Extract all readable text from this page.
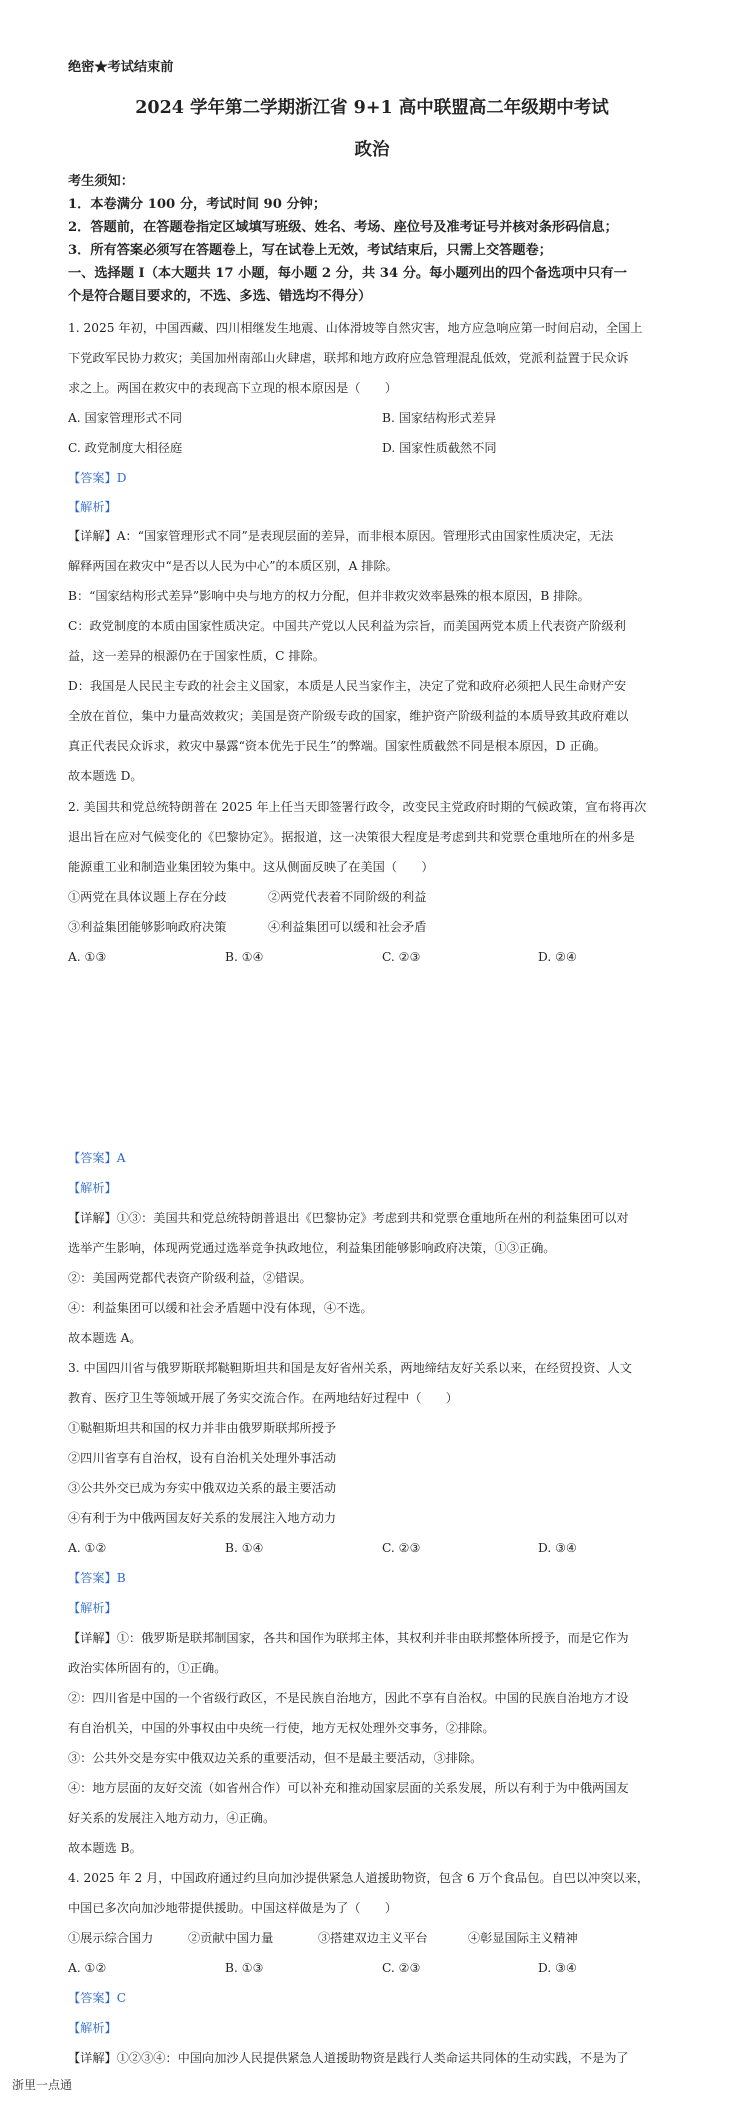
绝密★考试结束前
2024 学年第二学期浙江省 9+1 高中联盟高二年级期中考试
政治
考生须知：
1．本卷满分 100 分，考试时间 90 分钟；
2．答题前，在答题卷指定区域填写班级、姓名、考场、座位号及准考证号并核对条形码信息；
3．所有答案必须写在答题卷上，写在试卷上无效，考试结束后，只需上交答题卷；
一、选择题 I（本大题共 17 小题，每小题 2 分，共 34 分。每小题列出的四个备选项中只有一
个是符合题目要求的，不选、多选、错选均不得分）
1. 2025 年初，中国西藏、四川相继发生地震、山体滑坡等自然灾害，地方应急响应第一时间启动，全国上
下党政军民协力救灾；美国加州南部山火肆虐，联邦和地方政府应急管理混乱低效，党派利益置于民众诉
求之上。两国在救灾中的表现高下立现的根本原因是（　　）
A. 国家管理形式不同	B. 国家结构形式差异
C. 政党制度大相径庭	D. 国家性质截然不同
【答案】D
【解析】
【详解】A：“国家管理形式不同”是表现层面的差异，而非根本原因。管理形式由国家性质决定，无法
解释两国在救灾中“是否以人民为中心”的本质区别，A 排除。
B：“国家结构形式差异”影响中央与地方的权力分配，但并非救灾效率悬殊的根本原因，B 排除。
C：政党制度的本质由国家性质决定。中国共产党以人民利益为宗旨，而美国两党本质上代表资产阶级利
益，这一差异的根源仍在于国家性质，C 排除。
D：我国是人民民主专政的社会主义国家，本质是人民当家作主，决定了党和政府必须把人民生命财产安
全放在首位，集中力量高效救灾；美国是资产阶级专政的国家，维护资产阶级利益的本质导致其政府难以
真正代表民众诉求，救灾中暴露“资本优先于民生”的弊端。国家性质截然不同是根本原因，D 正确。
故本题选 D。
2. 美国共和党总统特朗普在 2025 年上任当天即签署行政令，改变民主党政府时期的气候政策，宣布将再次
退出旨在应对气候变化的《巴黎协定》。据报道，这一决策很大程度是考虑到共和党票仓重地所在的州多是
能源重工业和制造业集团较为集中。这从侧面反映了在美国（　　）
①两党在具体议题上存在分歧	②两党代表着不同阶级的利益
③利益集团能够影响政府决策	④利益集团可以缓和社会矛盾
A. ①③	B. ①④	C. ②③	D. ②④
【答案】A
【解析】
【详解】①③：美国共和党总统特朗普退出《巴黎协定》考虑到共和党票仓重地所在州的利益集团可以对
选举产生影响，体现两党通过选举竞争执政地位，利益集团能够影响政府决策，①③正确。
②：美国两党都代表资产阶级利益，②错误。
④：利益集团可以缓和社会矛盾题中没有体现，④不选。
故本题选 A。
3. 中国四川省与俄罗斯联邦鞑靼斯坦共和国是友好省州关系，两地缔结友好关系以来，在经贸投资、人文
教育、医疗卫生等领域开展了务实交流合作。在两地结好过程中（　　）
①鞑靼斯坦共和国的权力并非由俄罗斯联邦所授予
②四川省享有自治权，设有自治机关处理外事活动
③公共外交已成为夯实中俄双边关系的最主要活动
④有利于为中俄两国友好关系的发展注入地方动力
A. ①②	B. ①④	C. ②③	D. ③④
【答案】B
【解析】
【详解】①：俄罗斯是联邦制国家，各共和国作为联邦主体，其权利并非由联邦整体所授予，而是它作为
政治实体所固有的，①正确。
②：四川省是中国的一个省级行政区，不是民族自治地方，因此不享有自治权。中国的民族自治地方才设
有自治机关，中国的外事权由中央统一行使，地方无权处理外交事务，②排除。
③：公共外交是夯实中俄双边关系的重要活动，但不是最主要活动，③排除。
④：地方层面的友好交流（如省州合作）可以补充和推动国家层面的关系发展，所以有利于为中俄两国友
好关系的发展注入地方动力，④正确。
故本题选 B。
4. 2025 年 2 月，中国政府通过约旦向加沙提供紧急人道援助物资，包含 6 万个食品包。自巴以冲突以来，
中国已多次向加沙地带提供援助。中国这样做是为了（　　）
①展示综合国力	②贡献中国力量	③搭建双边主义平台	④彰显国际主义精神
A. ①②	B. ①③	C. ②③	D. ③④
【答案】C
【解析】
【详解】①②③④：中国向加沙人民提供紧急人道援助物资是践行人类命运共同体的生动实践，不是为了
浙里一点通
